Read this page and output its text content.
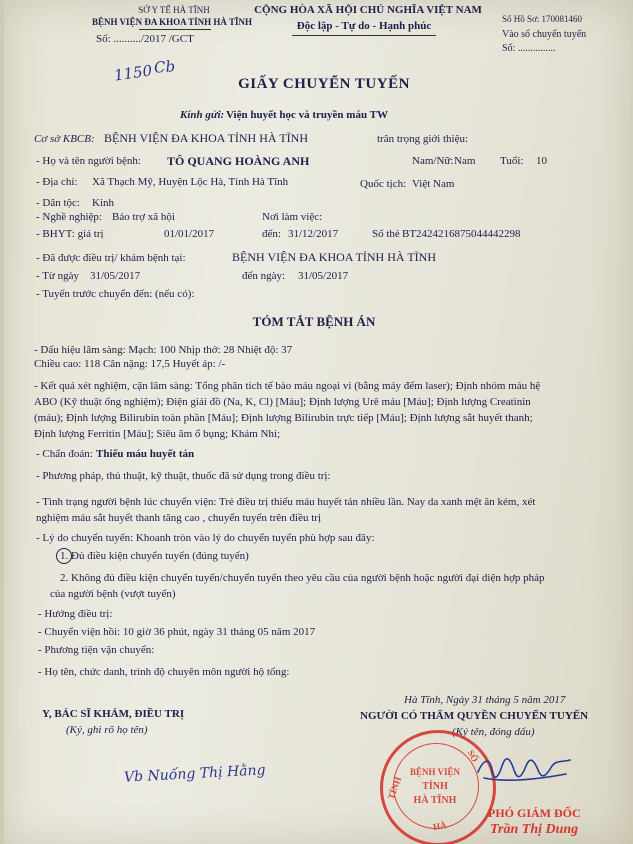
SỞ Y TẾ HÀ TĨNH
BỆNH VIỆN ĐA KHOA TỈNH HÀ TĨNH
Số: ........../2017 /GCT
1150 Cb
CỘNG HÒA XÃ HỘI CHỦ NGHĨA VIỆT NAM
Độc lập - Tự do - Hạnh phúc
Số Hồ Sơ: 170081460
Vào sổ chuyển tuyến
Số: ...............
GIẤY CHUYỂN TUYẾN
Kính gửi: Viện huyết học và truyền máu TW
Cơ sở KBCB: BỆNH VIỆN ĐA KHOA TỈNH HÀ TĨNH	trân trọng giới thiệu:
- Họ và tên người bệnh: TÔ QUANG HOÀNG ANH	Nam/Nữ: Nam Tuổi: 10
- Địa chỉ: Xã Thạch Mỹ, Huyện Lộc Hà, Tỉnh Hà Tĩnh	Quốc tịch: Việt Nam
- Dân tộc: Kinh
- Nghề nghiệp: Bảo trợ xã hội	Nơi làm việc:
- BHYT: giá trị	01/01/2017	đến: 31/12/2017	Số thẻ BT2424216875044442298
- Đã được điều trị/ khám bệnh tại:	BỆNH VIỆN ĐA KHOA TỈNH HÀ TĨNH
- Từ ngày 31/05/2017	đến ngày: 31/05/2017
- Tuyến trước chuyển đến: (nếu có):
TÓM TẮT BỆNH ÁN
- Dấu hiệu lâm sàng: Mạch: 100 Nhịp thở: 28 Nhiệt độ: 37
Chiều cao: 118 Cân nặng: 17,5 Huyết áp: /-
- Kết quả xét nghiệm, cận lâm sàng: Tổng phân tích tế bào máu ngoại vi (bằng máy đếm laser); Định nhóm máu hệ
ABO (Kỹ thuật ống nghiệm); Điện giải đồ (Na, K, Cl) [Máu]; Định lượng Urê máu [Máu]; Định lượng Creatinin
(máu); Định lượng Bilirubin toàn phần [Máu]; Định lượng Bilirubin trực tiếp [Máu]; Định lượng sắt huyết thanh;
Định lượng Ferritin [Máu]; Siêu âm ổ bụng; Khám Nhi;
- Chẩn đoán: Thiếu máu huyết tán
- Phương pháp, thủ thuật, kỹ thuật, thuốc đã sử dụng trong điều trị:
- Tình trạng người bệnh lúc chuyển viện: Trẻ điều trị thiếu máu huyết tán nhiều lần. Nay da xanh mệt ăn kém, xét
nghiệm máu sắt huyết thanh tăng cao , chuyển tuyến trên điều trị
- Lý do chuyển tuyến: Khoanh tròn vào lý do chuyển tuyến phù hợp sau đây:
1. Đủ điều kiện chuyển tuyến (đúng tuyến)
2. Không đủ điều kiện chuyển tuyến/chuyển tuyến theo yêu cầu của người bệnh hoặc người đại diện hợp pháp
của người bệnh (vượt tuyến)
- Hướng điều trị:
- Chuyển viện hồi: 10 giờ 36 phút, ngày 31 tháng 05 năm 2017
- Phương tiện vận chuyển:
- Họ tên, chức danh, trình độ chuyên môn người hộ tống:
Hà Tĩnh, Ngày 31 tháng 5 năm 2017
Y, BÁC SĨ KHÁM, ĐIỀU TRỊ
(Ký, ghi rõ họ tên)
Vb Nuống Thị Hằng
NGƯỜI CÓ THẨM QUYỀN CHUYỂN TUYẾN
(Ký tên, đóng dấu)
BỆNH VIỆN
TỈNH
HÀ TĨNH
TỈNH
HÀ
SỐ
PHÓ GIÁM ĐỐC
Trần Thị Dung
